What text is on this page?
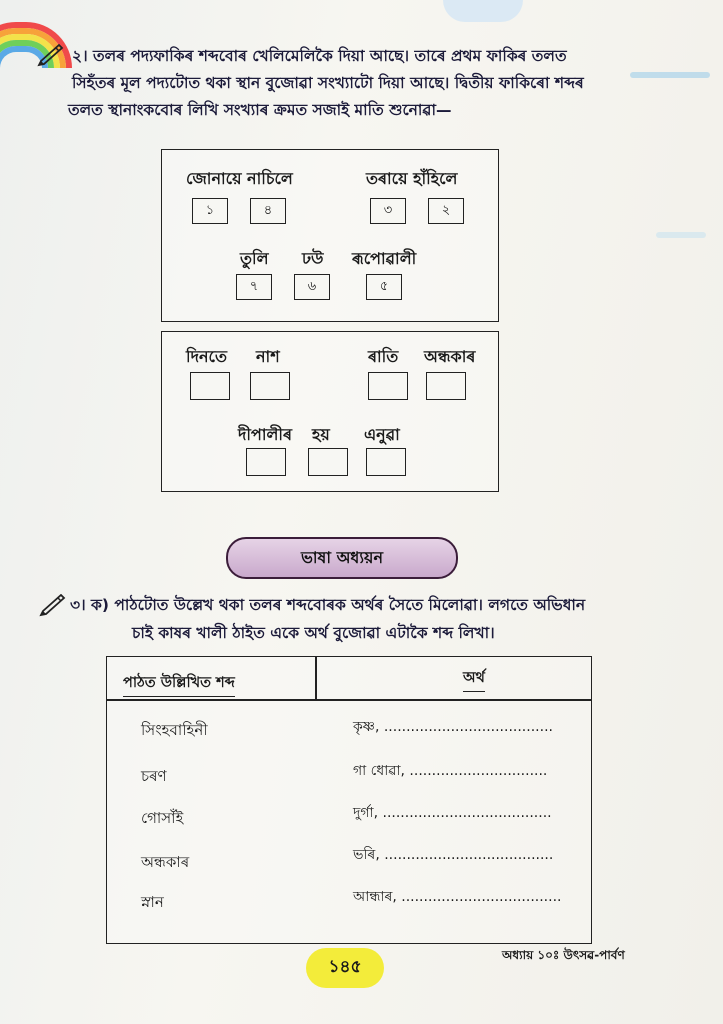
২। তলৰ পদ্যফাকিৰ শব্দবোৰ খেলিমেলিকৈ দিয়া আছে। তাৰে প্ৰথম ফাকিৰ তলত
সিহঁতৰ মূল পদ্যটোত থকা স্থান বুজোৱা সংখ্যাটো দিয়া আছে। দ্বিতীয় ফাকিৰো শব্দৰ
তলত স্থানাংকবোৰ লিখি সংখ্যাৰ ক্ৰমত সজাই মাতি শুনোৱা—
জোনায়ে নাচিলে	তৰায়ে হাঁহিলে
১	৪	৩	২
তুলি ঢউ ৰূপোৱালী
৭	৬	৫
দিনতে নাশ	ৰাতি অন্ধকাৰ
দীপালীৰ হয় এনুৱা
ভাষা অধ্যয়ন
৩। ক) পাঠটোত উল্লেখ থকা তলৰ শব্দবোৰক অৰ্থৰ সৈতে মিলোৱা। লগতে অভিধান
চাই কাষৰ খালী ঠাইত একে অৰ্থ বুজোৱা এটাকৈ শব্দ লিখা।
পাঠত উল্লিখিত শব্দ	অৰ্থ
সিংহবাহিনী	কৃষ্ণ, ......................................
চৰণ	গা ধোৱা, ...............................
গোসাঁই	দুৰ্গা, ......................................
অন্ধকাৰ	ভৰি, ......................................
স্নান	আন্ধাৰ, ....................................
১৪৫
অধ্যায় ১০ঃ উৎসৱ-পাৰ্বণ
